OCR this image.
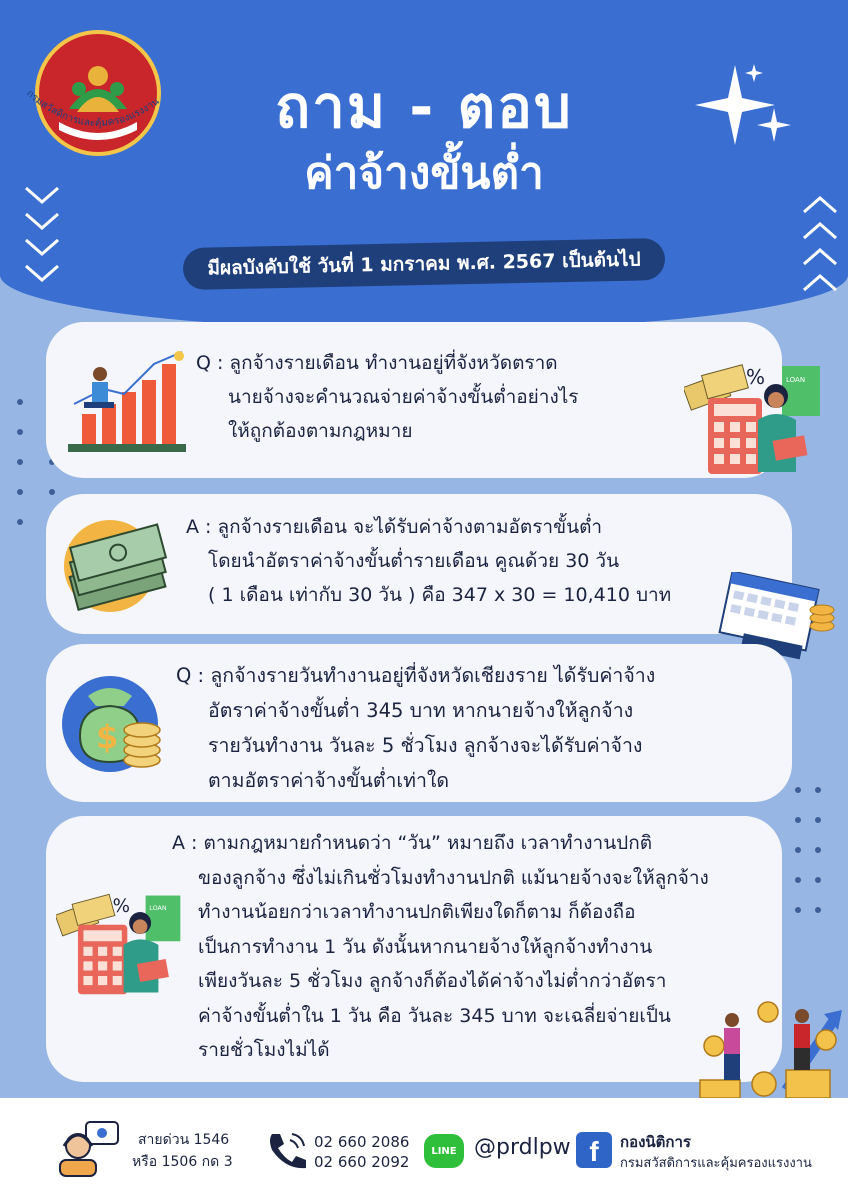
กรมสวัสดิการและคุ้มครองแรงงาน	ถาม - ตอบ
ค่าจ้างขั้นต่ำ
มีผลบังคับใช้ วันที่ 1 มกราคม พ.ศ. 2567 เป็นต้นไป
Q : ลูกจ้างรายเดือน ทำงานอยู่ที่จังหวัดตราด
นายจ้างจะคำนวณจ่ายค่าจ้างขั้นต่ำอย่างไร
ให้ถูกต้องตามกฎหมาย
LOAN
%
A : ลูกจ้างรายเดือน จะได้รับค่าจ้างตามอัตราขั้นต่ำ
โดยนำอัตราค่าจ้างขั้นต่ำรายเดือน คูณด้วย 30 วัน
( 1 เดือน เท่ากับ 30 วัน ) คือ 347 x 30 = 10,410 บาท
$
Q : ลูกจ้างรายวันทำงานอยู่ที่จังหวัดเชียงราย ได้รับค่าจ้าง
อัตราค่าจ้างขั้นต่ำ 345 บาท หากนายจ้างให้ลูกจ้าง
รายวันทำงาน วันละ 5 ชั่วโมง ลูกจ้างจะได้รับค่าจ้าง
ตามอัตราค่าจ้างขั้นต่ำเท่าใด
LOAN
%
A : ตามกฎหมายกำหนดว่า “วัน” หมายถึง เวลาทำงานปกติ
ของลูกจ้าง ซึ่งไม่เกินชั่วโมงทำงานปกติ แม้นายจ้างจะให้ลูกจ้าง
ทำงานน้อยกว่าเวลาทำงานปกติเพียงใดก็ตาม ก็ต้องถือ
เป็นการทำงาน 1 วัน ดังนั้นหากนายจ้างให้ลูกจ้างทำงาน
เพียงวันละ 5 ชั่วโมง ลูกจ้างก็ต้องได้ค่าจ้างไม่ต่ำกว่าอัตรา
ค่าจ้างขั้นต่ำใน 1 วัน คือ วันละ 345 บาท จะเฉลี่ยจ่ายเป็น
รายชั่วโมงไม่ได้
สายด่วน 1546
หรือ 1506 กด 3
02 660 2086
02 660 2092
LINE @prdlpw f	กองนิติการ
กรมสวัสดิการและคุ้มครองแรงงาน
